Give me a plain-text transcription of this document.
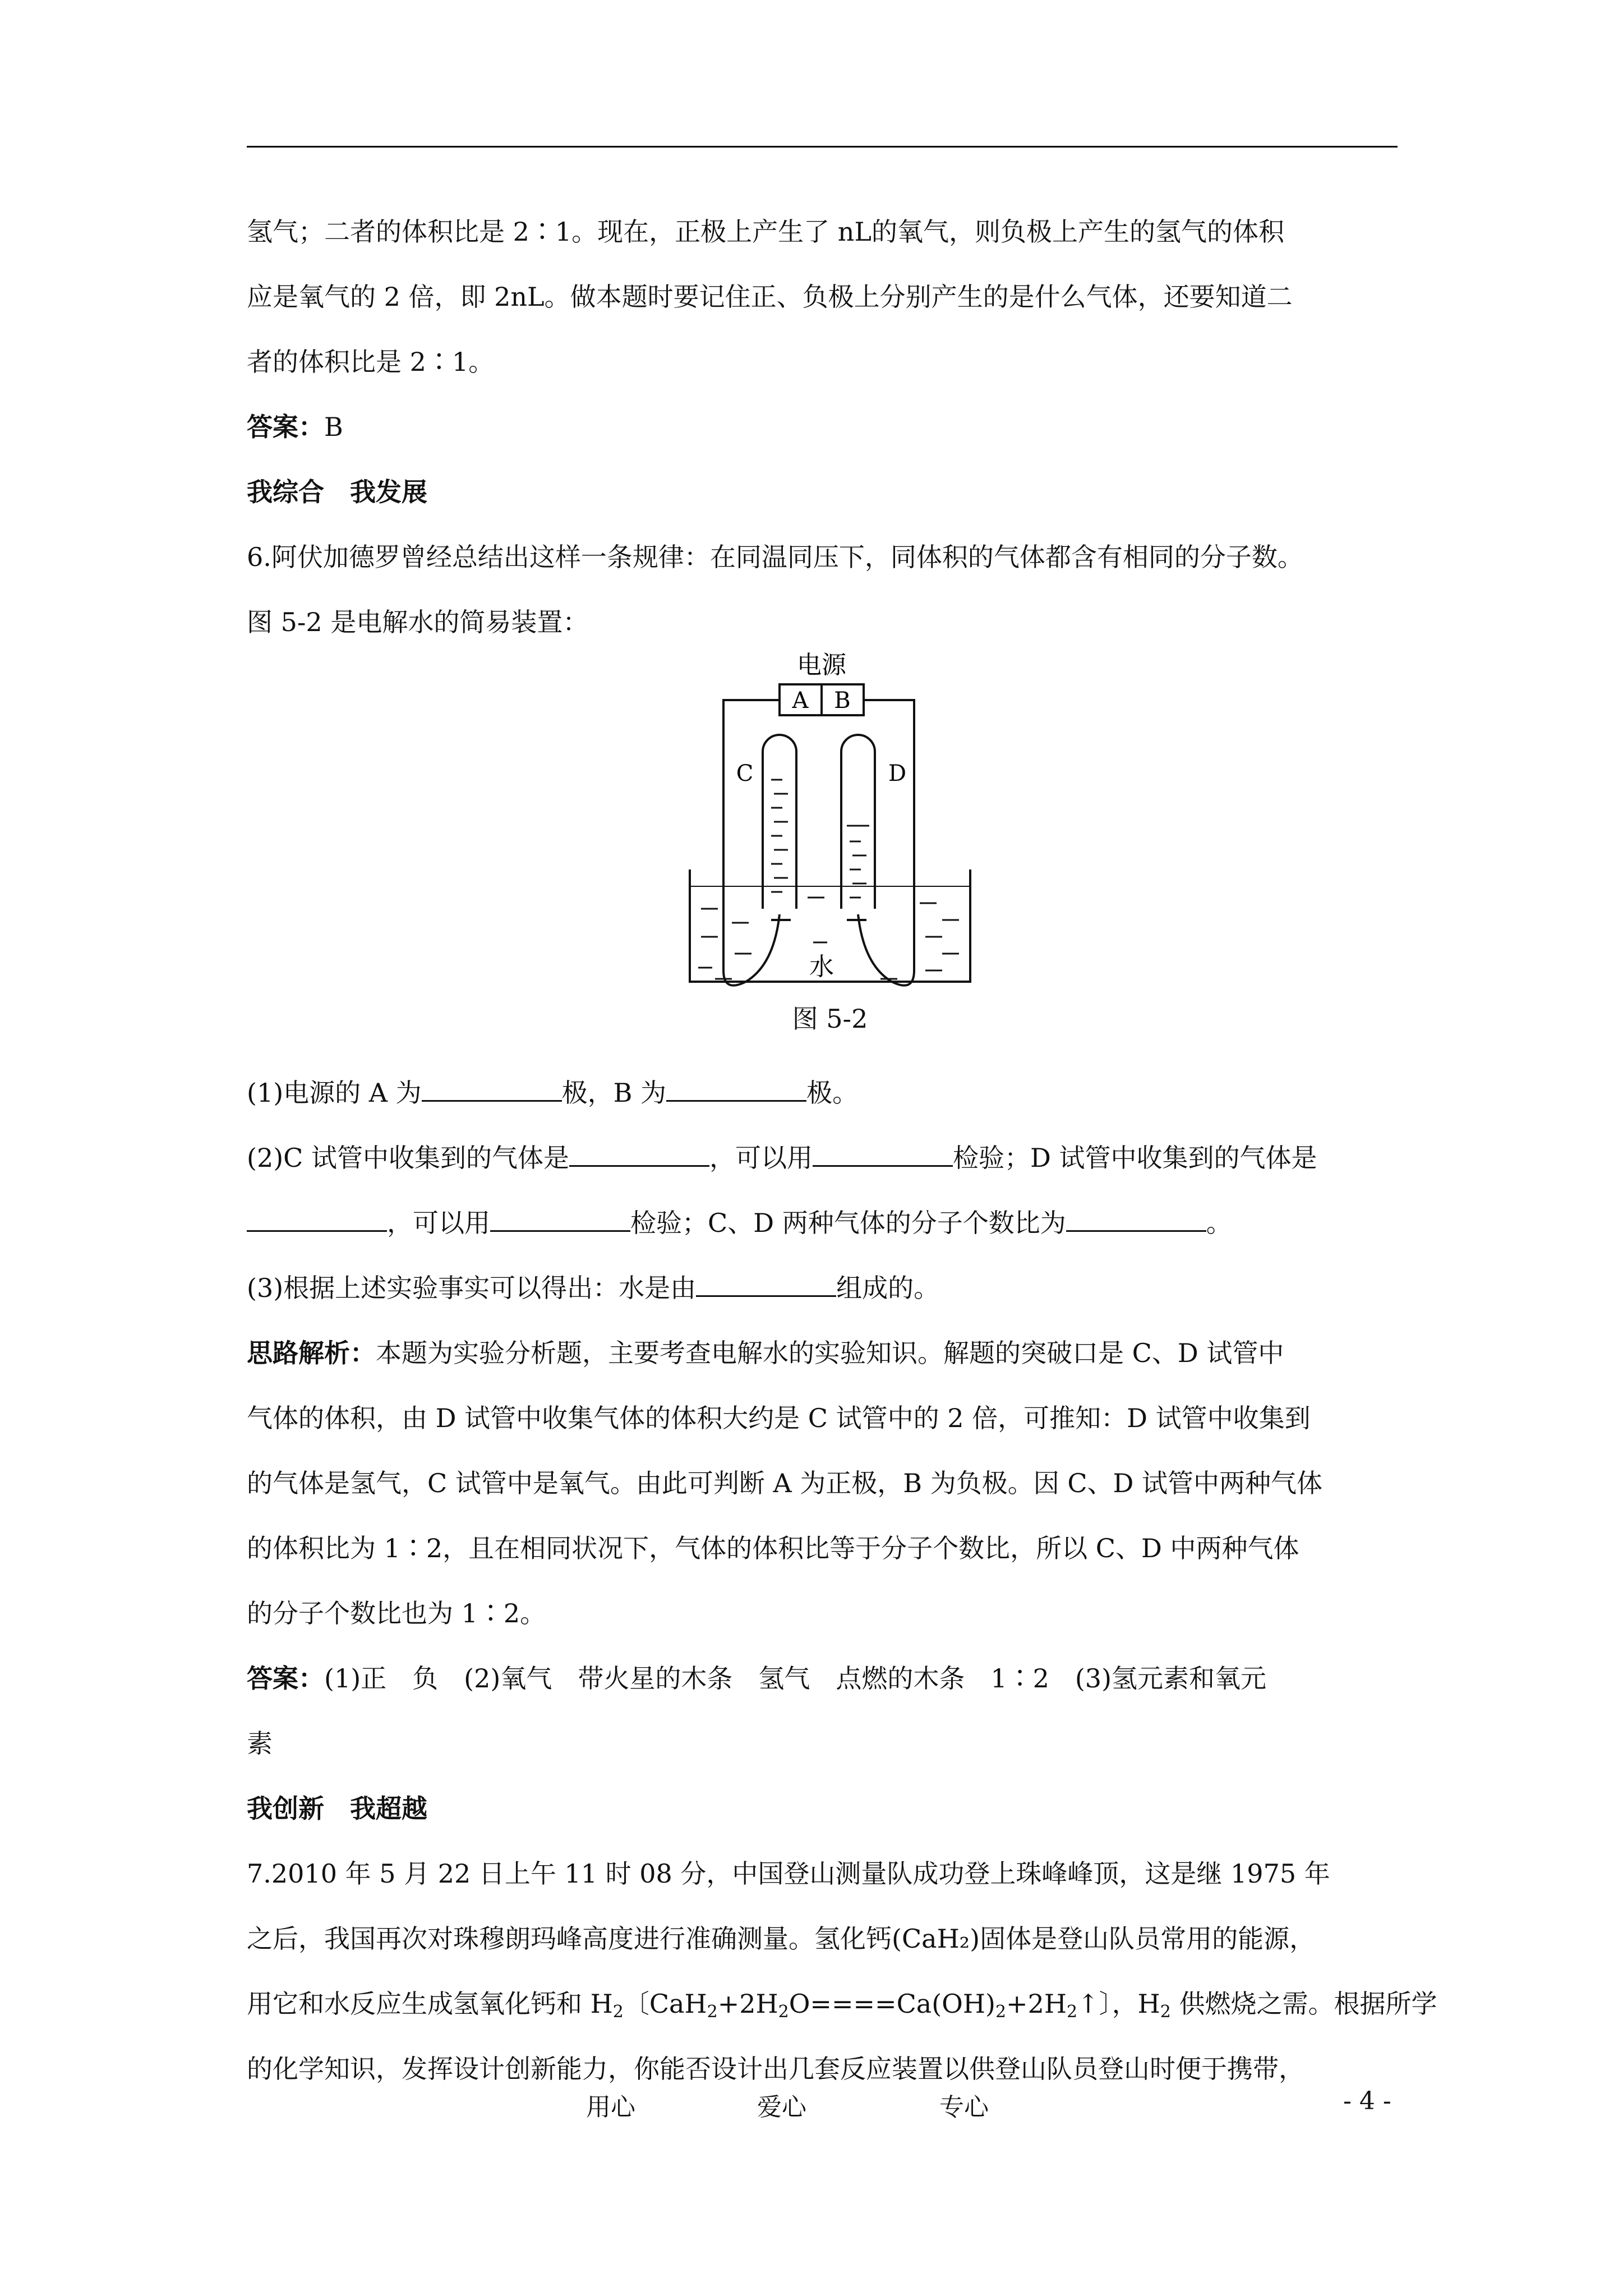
氢气；二者的体积比是 2∶1。现在，正极上产生了 nL的氧气，则负极上产生的氢气的体积

应是氧气的 2 倍，即 2nL。做本题时要记住正、负极上分别产生的是什么气体，还要知道二

者的体积比是 2∶1。

答案：B

我综合　我发展

6.阿伏加德罗曾经总结出这样一条规律：在同温同压下，同体积的气体都含有相同的分子数。

图 5-2 是电解水的简易装置：

电源
A B
C	D
水
图 5-2

(1)电源的 A 为	极，B 为	极。

(2)C 试管中收集到的气体是	，可以用	检验；D 试管中收集到的气体是

，可以用	检验；C、D 两种气体的分子个数比为	。

(3)根据上述实验事实可以得出：水是由	组成的。

思路解析：本题为实验分析题，主要考查电解水的实验知识。解题的突破口是 C、D 试管中

气体的体积，由 D 试管中收集气体的体积大约是 C 试管中的 2 倍，可推知：D 试管中收集到

的气体是氢气，C 试管中是氧气。由此可判断 A 为正极，B 为负极。因 C、D 试管中两种气体

的体积比为 1∶2，且在相同状况下，气体的体积比等于分子个数比，所以 C、D 中两种气体

的分子个数比也为 1∶2。

答案：(1)正　负　(2)氧气　带火星的木条　氢气　点燃的木条　1∶2　(3)氢元素和氧元

素

我创新　我超越

7.2010 年 5 月 22 日上午 11 时 08 分，中国登山测量队成功登上珠峰峰顶，这是继 1975 年

之后，我国再次对珠穆朗玛峰高度进行准确测量。氢化钙(CaH₂)固体是登山队员常用的能源，

用它和水反应生成氢氧化钙和 $H_2$〔$CaH_2+2H_2O====Ca(OH)_2+2H_2↑$〕，$H_2$ 供燃烧之需。根据所学

的化学知识，发挥设计创新能力，你能否设计出几套反应装置以供登山队员登山时便于携带，

用心	爱心	专心	- 4 -
